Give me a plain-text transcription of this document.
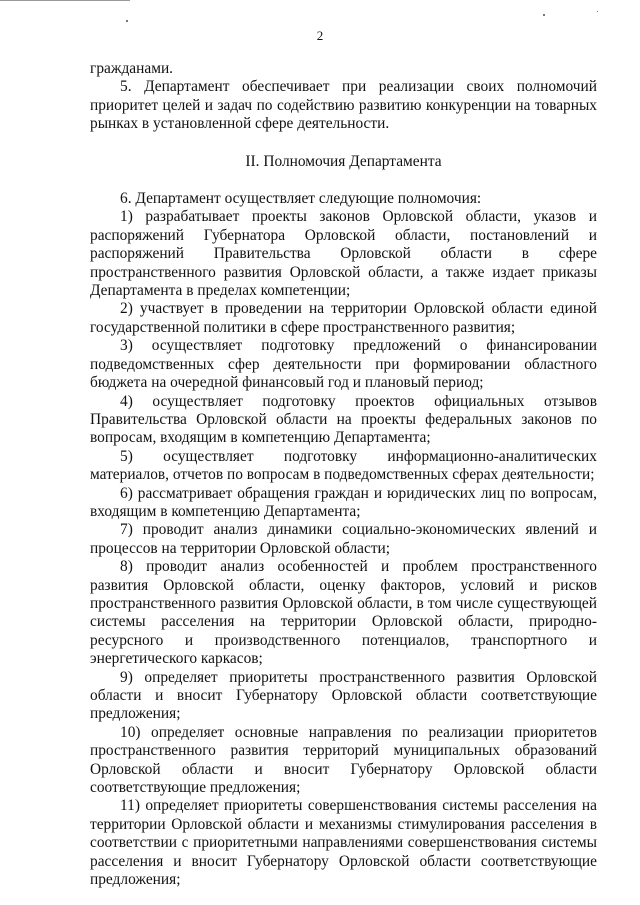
2

гражданами.

5. Департамент обеспечивает при реализации своих полномочий приоритет целей и задач по содействию развитию конкуренции на товарных рынках в установленной сфере деятельности.

II. Полномочия Департамента

6. Департамент осуществляет следующие полномочия:

1) разрабатывает проекты законов Орловской области, указов и распоряжений Губернатора Орловской области, постановлений и распоряжений Правительства Орловской области в сфере пространственного развития Орловской области, а также издает приказы Департамента в пределах компетенции;

2) участвует в проведении на территории Орловской области единой государственной политики в сфере пространственного развития;

3) осуществляет подготовку предложений о финансировании подведомственных сфер деятельности при формировании областного бюджета на очередной финансовый год и плановый период;

4) осуществляет подготовку проектов официальных отзывов Правительства Орловской области на проекты федеральных законов по вопросам, входящим в компетенцию Департамента;

5) осуществляет подготовку информационно-аналитических материалов, отчетов по вопросам в подведомственных сферах деятельности;

6) рассматривает обращения граждан и юридических лиц по вопросам, входящим в компетенцию Департамента;

7) проводит анализ динамики социально-экономических явлений и процессов на территории Орловской области;

8) проводит анализ особенностей и проблем пространственного развития Орловской области, оценку факторов, условий и рисков пространственного развития Орловской области, в том числе существующей системы расселения на территории Орловской области, природно-ресурсного и производственного потенциалов, транспортного и энергетического каркасов;

9) определяет приоритеты пространственного развития Орловской области и вносит Губернатору Орловской области соответствующие предложения;

10) определяет основные направления по реализации приоритетов пространственного развития территорий муниципальных образований Орловской области и вносит Губернатору Орловской области соответствующие предложения;

11) определяет приоритеты совершенствования системы расселения на территории Орловской области и механизмы стимулирования расселения в соответствии с приоритетными направлениями совершенствования системы расселения и вносит Губернатору Орловской области соответствующие предложения;
